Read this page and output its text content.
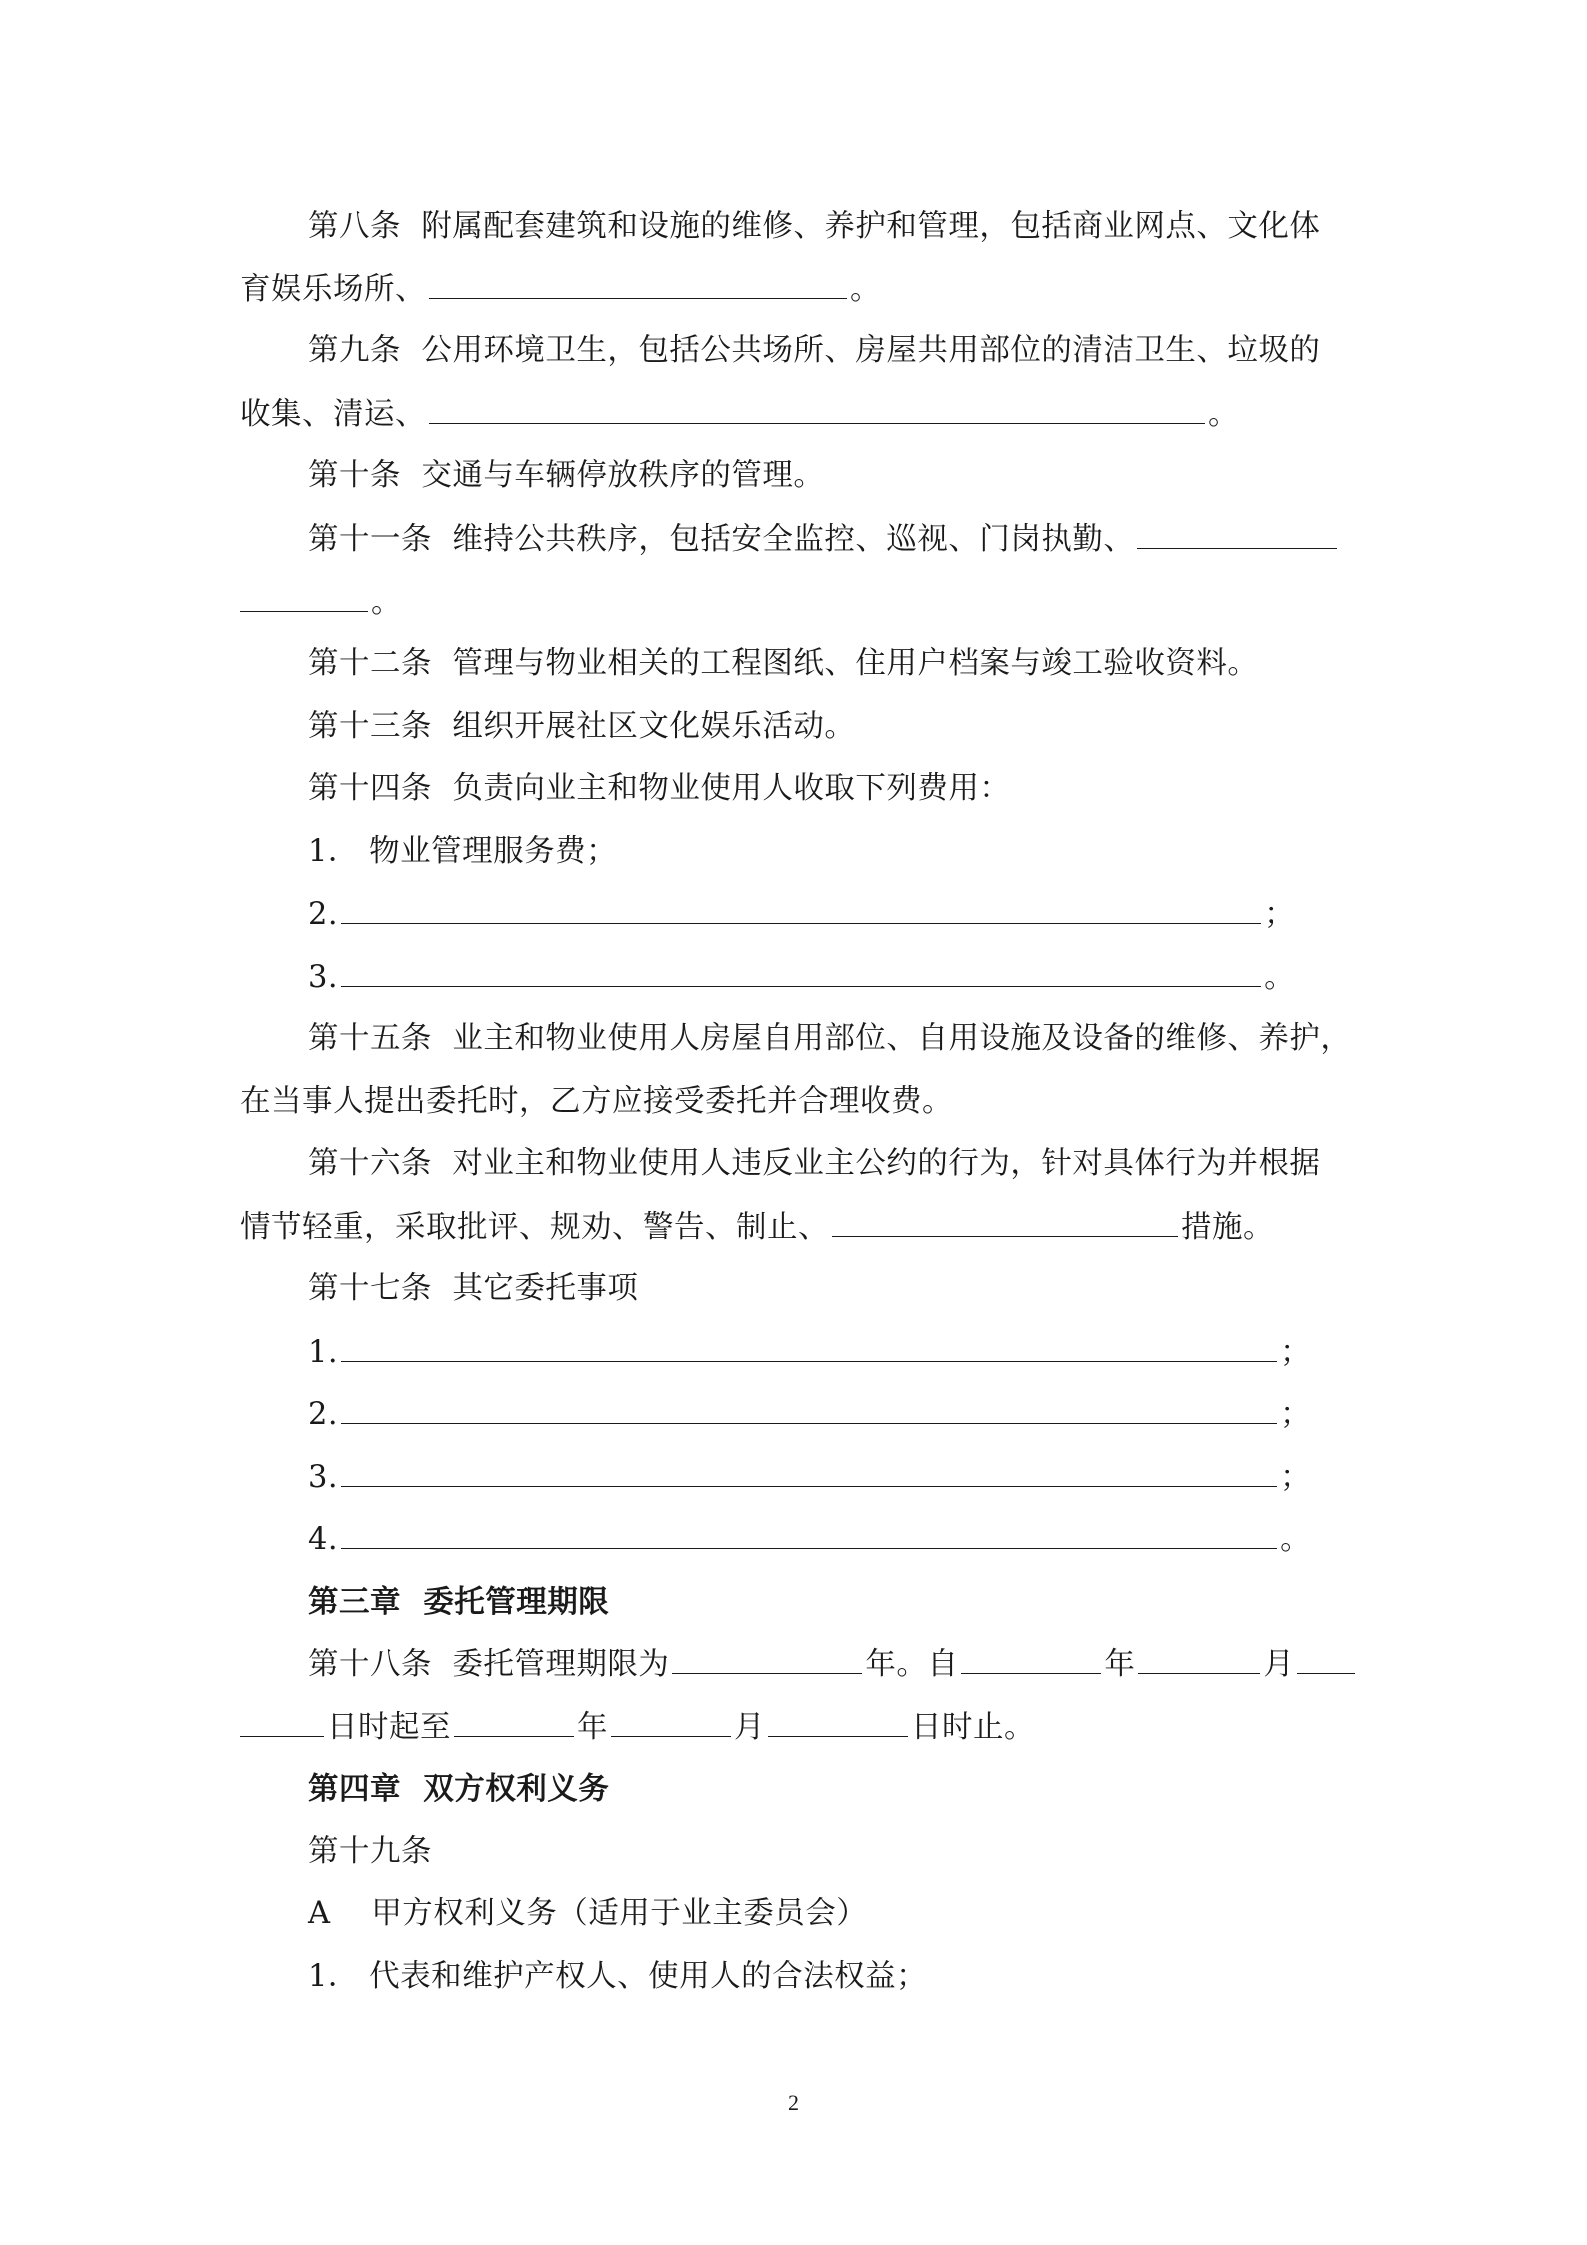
第八条 附属配套建筑和设施的维修、养护和管理，包括商业网点、文化体
育娱乐场所、	。
第九条 公用环境卫生，包括公共场所、房屋共用部位的清洁卫生、垃圾的
收集、清运、	。
第十条 交通与车辆停放秩序的管理。
第十一条 维持公共秩序，包括安全监控、巡视、门岗执勤、
。
第十二条 管理与物业相关的工程图纸、住用户档案与竣工验收资料。
第十三条 组织开展社区文化娱乐活动。
第十四条 负责向业主和物业使用人收取下列费用：
1． 物业管理服务费；
2.	；
3.	。
第十五条 业主和物业使用人房屋自用部位、自用设施及设备的维修、养护，
在当事人提出委托时，乙方应接受委托并合理收费。
第十六条 对业主和物业使用人违反业主公约的行为，针对具体行为并根据
情节轻重，采取批评、规劝、警告、制止、	措施。
第十七条 其它委托事项
1.	；
2.	；
3.	；
4.	。
第三章 委托管理期限
第十八条 委托管理期限为	年。自	年	月
日时起至	年	月	日时止。
第四章 双方权利义务
第十九条
A 甲方权利义务（适用于业主委员会）
1． 代表和维护产权人、使用人的合法权益；
2
